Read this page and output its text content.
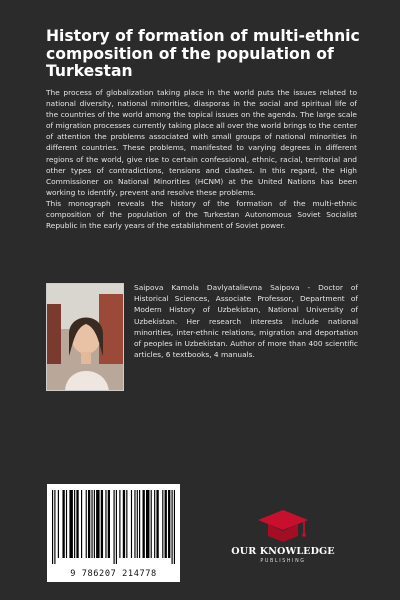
History of formation of multi-ethnic composition of the population of Turkestan

The process of globalization taking place in the world puts the issues related to national diversity, national minorities, diasporas in the social and spiritual life of the countries of the world among the topical issues on the agenda. The large scale of migration processes currently taking place all over the world brings to the center of attention the problems associated with small groups of national minorities in different countries. These problems, manifested to varying degrees in different regions of the world, give rise to certain confessional, ethnic, racial, territorial and other types of contradictions, tensions and clashes. In this regard, the High Commissioner on National Minorities (HCNM) at the United Nations has been working to identify, prevent and resolve these problems.

This monograph reveals the history of the formation of the multi-ethnic composition of the population of the Turkestan Autonomous Soviet Socialist Republic in the early years of the establishment of Soviet power.

Saipova Kamola Davlyatalievna Saipova - Doctor of Historical Sciences, Associate Professor, Department of Modern History of Uzbekistan, National University of Uzbekistan. Her research interests include national minorities, inter-ethnic relations, migration and deportation of peoples in Uzbekistan. Author of more than 400 scientific articles, 6 textbooks, 4 manuals.

9 786207 214778
OUR KNOWLEDGE
PUBLISHING
